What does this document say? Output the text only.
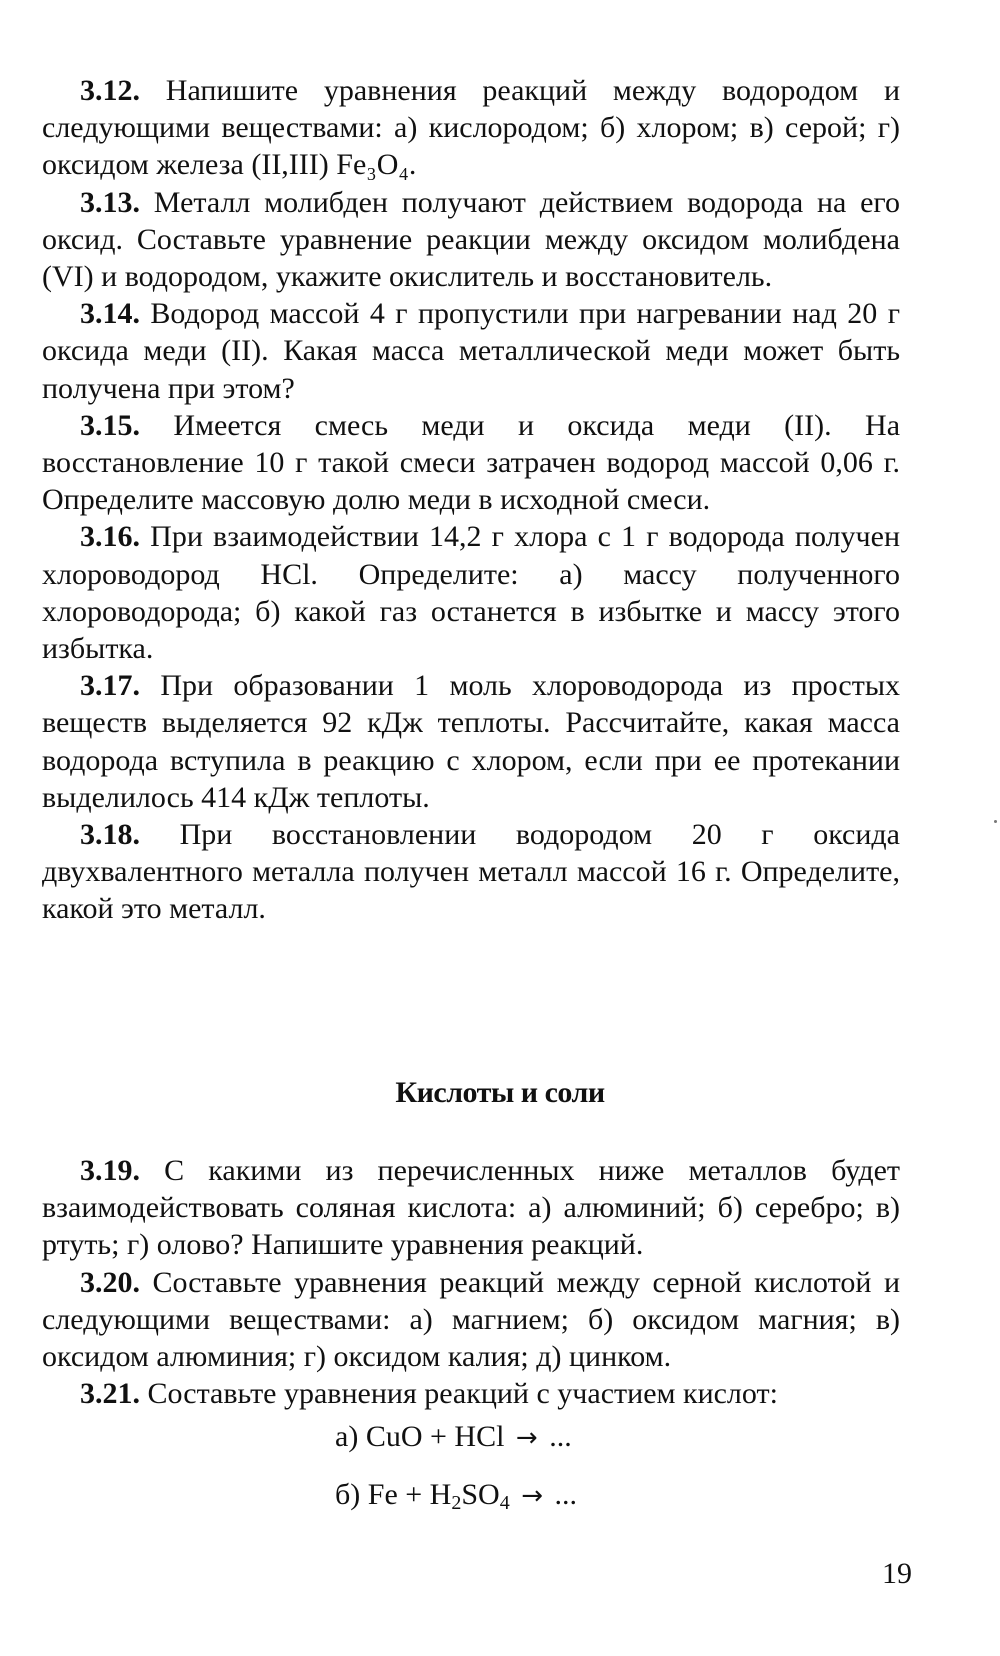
3.12. Напишите уравнения реакций между водородом и следующими веществами: а) кислородом; б) хлором; в) серой; г) оксидом железа (II,III) Fe₃O₄.

3.13. Металл молибден получают действием водорода на его оксид. Составьте уравнение реакции между оксидом молибдена (VI) и водородом, укажите окислитель и восстановитель.

3.14. Водород массой 4 г пропустили при нагревании над 20 г оксида меди (II). Какая масса металлической меди может быть получена при этом?

3.15. Имеется смесь меди и оксида меди (II). На восстановление 10 г такой смеси затрачен водород массой 0,06 г. Определите массовую долю меди в исходной смеси.

3.16. При взаимодействии 14,2 г хлора с 1 г водорода получен хлороводород HCl. Определите: а) массу полученного хлороводорода; б) какой газ останется в избытке и массу этого избытка.

3.17. При образовании 1 моль хлороводорода из простых веществ выделяется 92 кДж теплоты. Рассчитайте, какая масса водорода вступила в реакцию с хлором, если при ее протекании выделилось 414 кДж теплоты.

3.18. При восстановлении водородом 20 г оксида двухвалентного металла получен металл массой 16 г. Определите, какой это металл.

Кислоты и соли

3.19. С какими из перечисленных ниже металлов будет взаимодействовать соляная кислота: а) алюминий; б) серебро; в) ртуть; г) олово? Напишите уравнения реакций.

3.20. Составьте уравнения реакций между серной кислотой и следующими веществами: а) магнием; б) оксидом магния; в) оксидом алюминия; г) оксидом калия; д) цинком.

3.21. Составьте уравнения реакций с участием кислот:

а) CuO + HCl → ...
б) $Fe + H_2SO_4$ → ...
19
